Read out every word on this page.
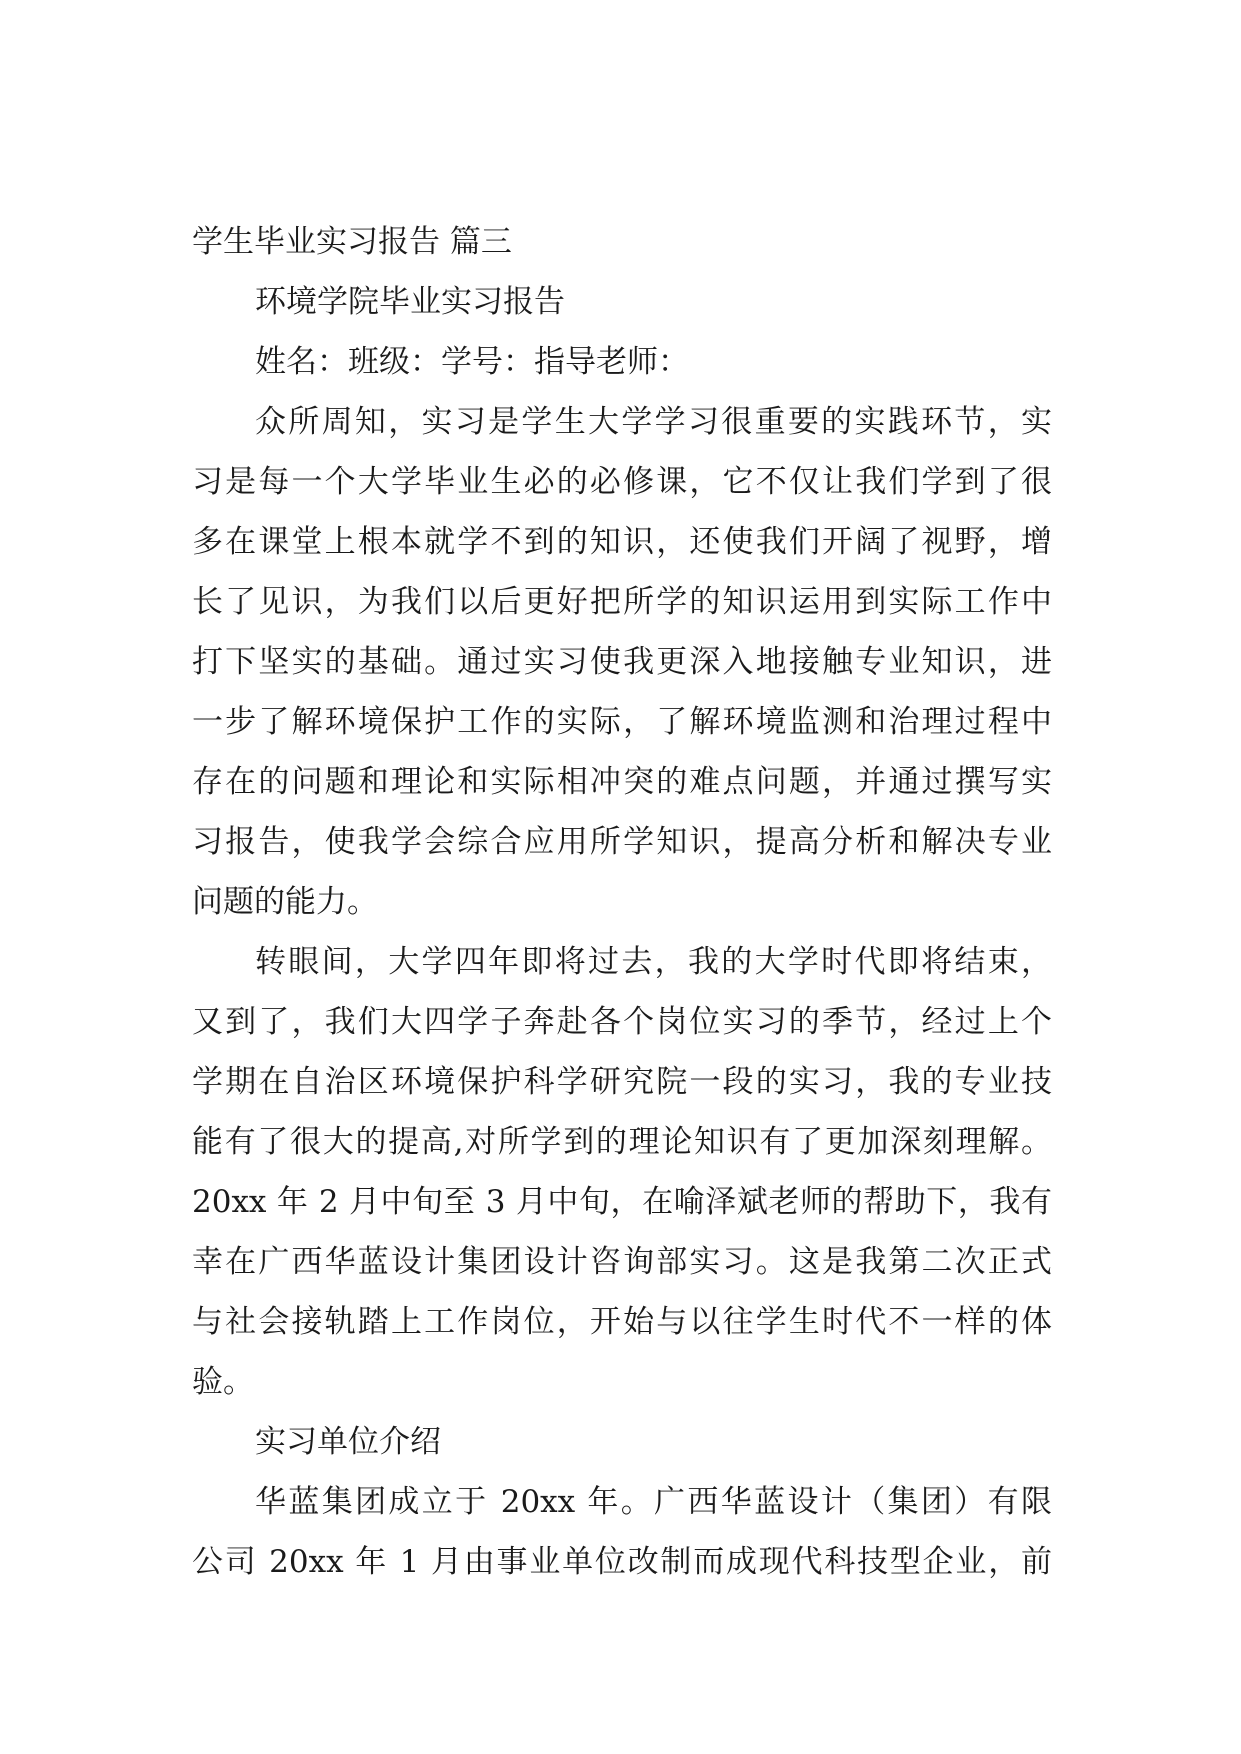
学生毕业实习报告 篇三
环境学院毕业实习报告
姓名：班级：学号：指导老师：
众所周知，实习是学生大学学习很重要的实践环节，实
习是每一个大学毕业生必的必修课，它不仅让我们学到了很
多在课堂上根本就学不到的知识，还使我们开阔了视野，增
长了见识，为我们以后更好把所学的知识运用到实际工作中
打下坚实的基础。通过实习使我更深入地接触专业知识，进
一步了解环境保护工作的实际，了解环境监测和治理过程中
存在的问题和理论和实际相冲突的难点问题，并通过撰写实
习报告，使我学会综合应用所学知识，提高分析和解决专业
问题的能力。
转眼间，大学四年即将过去，我的大学时代即将结束，
又到了，我们大四学子奔赴各个岗位实习的季节，经过上个
学期在自治区环境保护科学研究院一段的实习，我的专业技
能有了很大的提高,对所学到的理论知识有了更加深刻理解。
20xx 年 2 月中旬至 3 月中旬，在喻泽斌老师的帮助下，我有
幸在广西华蓝设计集团设计咨询部实习。这是我第二次正式
与社会接轨踏上工作岗位，开始与以往学生时代不一样的体
验。
实习单位介绍
华蓝集团成立于 20xx 年。广西华蓝设计（集团）有限
公司 20xx 年 1 月由事业单位改制而成现代科技型企业，前
